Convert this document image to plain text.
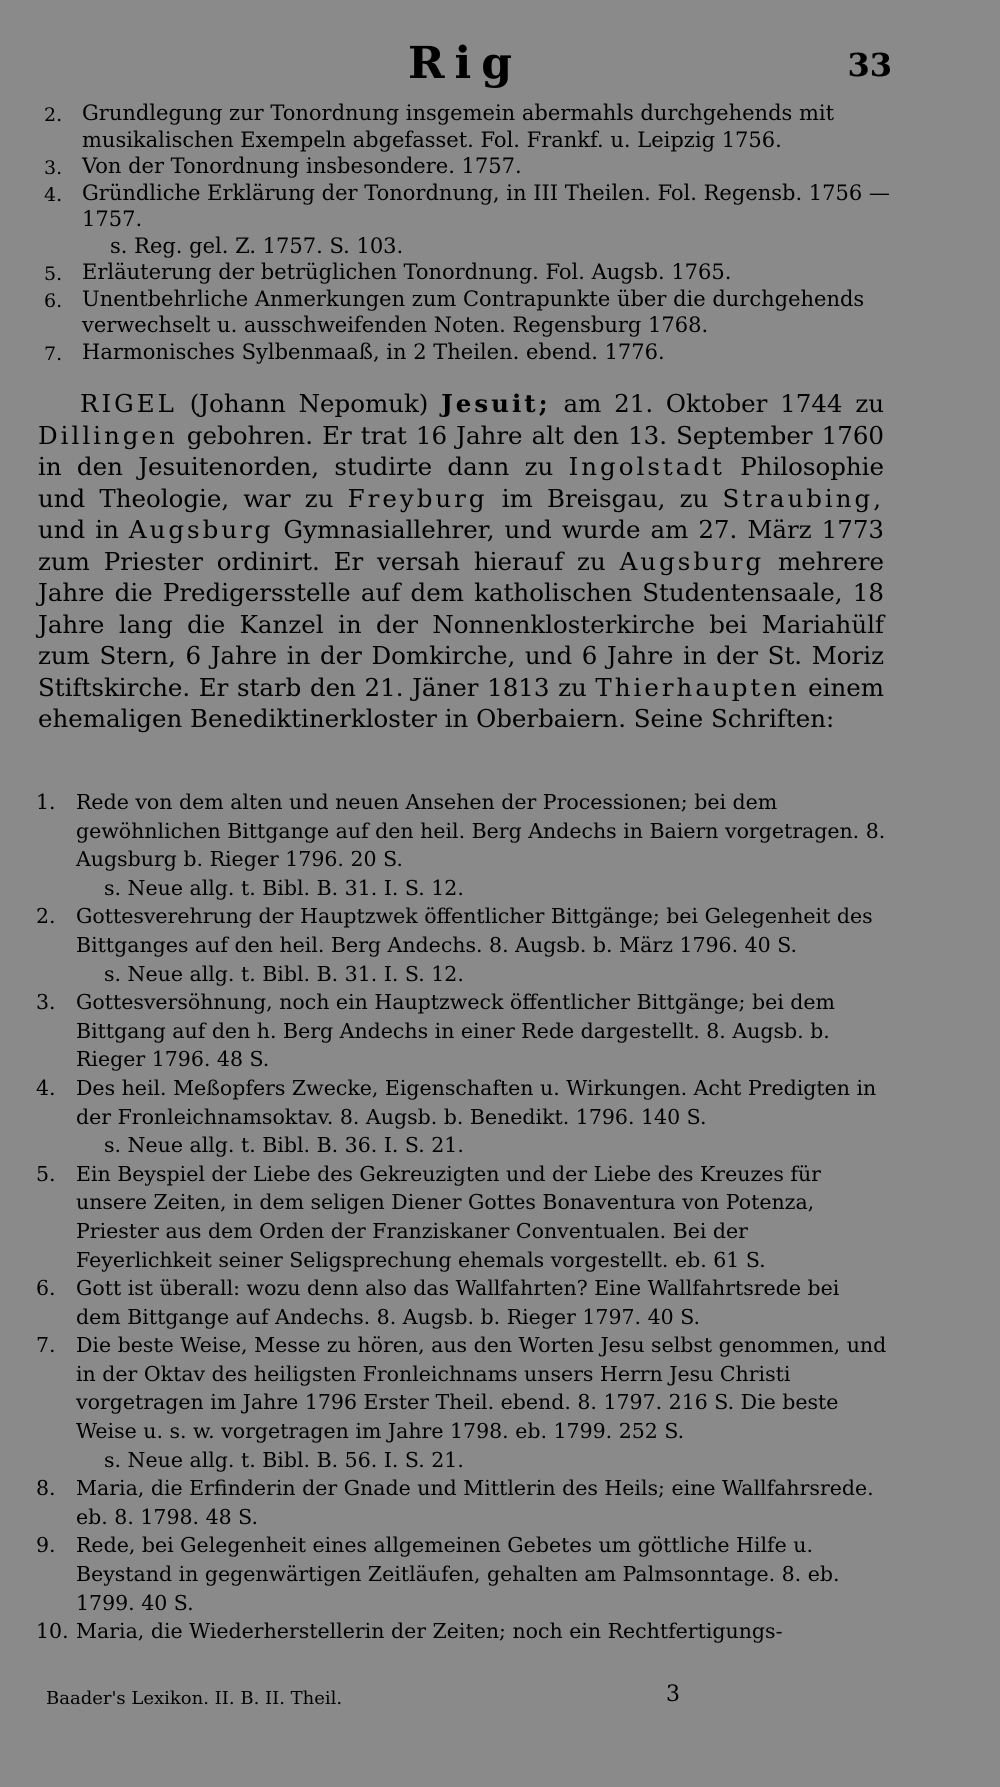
Rig	33
2. Grundlegung zur Tonordnung insgemein abermahls durchgehends mit musikalischen Exempeln abgefasset. Fol. Frankf. u. Leipzig 1756.
3. Von der Tonordnung insbesondere. 1757.
4. Gründliche Erklärung der Tonordnung, in III Theilen. Fol. Regensb. 1756 — 1757.
s. Reg. gel. Z. 1757. S. 103.
5. Erläuterung der betrüglichen Tonordnung. Fol. Augsb. 1765.
6. Unentbehrliche Anmerkungen zum Contrapunkte über die durchgehends verwechselt u. ausschweifenden Noten. Regensburg 1768.
7. Harmonisches Sylbenmaaß, in 2 Theilen. ebend. 1776.
RIGEL (Johann Nepomuk) Jesuit; am 21. Oktober 1744 zu Dillingen gebohren. Er trat 16 Jahre alt den 13. September 1760 in den Jesuitenorden, studirte dann zu Ingolstadt Philosophie und Theologie, war zu Freyburg im Breisgau, zu Straubing, und in Augsburg Gymnasiallehrer, und wurde am 27. März 1773 zum Priester ordinirt. Er versah hierauf zu Augsburg mehrere Jahre die Predigersstelle auf dem katholischen Studentensaale, 18 Jahre lang die Kanzel in der Nonnenklosterkirche bei Mariahülf zum Stern, 6 Jahre in der Domkirche, und 6 Jahre in der St. Moriz Stiftskirche. Er starb den 21. Jäner 1813 zu Thierhaupten einem ehemaligen Benediktinerkloster in Oberbaiern. Seine Schriften:
1. Rede von dem alten und neuen Ansehen der Processionen; bei dem gewöhnlichen Bittgange auf den heil. Berg Andechs in Baiern vorgetragen. 8. Augsburg b. Rieger 1796. 20 S.
s. Neue allg. t. Bibl. B. 31. I. S. 12.
2. Gottesverehrung der Hauptzwek öffentlicher Bittgänge; bei Gelegenheit des Bittganges auf den heil. Berg Andechs. 8. Augsb. b. März 1796. 40 S.
s. Neue allg. t. Bibl. B. 31. I. S. 12.
3. Gottesversöhnung, noch ein Hauptzweck öffentlicher Bittgänge; bei dem Bittgang auf den h. Berg Andechs in einer Rede dargestellt. 8. Augsb. b. Rieger 1796. 48 S.
4. Des heil. Meßopfers Zwecke, Eigenschaften u. Wirkungen. Acht Predigten in der Fronleichnamsoktav. 8. Augsb. b. Benedikt. 1796. 140 S.
s. Neue allg. t. Bibl. B. 36. I. S. 21.
5. Ein Beyspiel der Liebe des Gekreuzigten und der Liebe des Kreuzes für unsere Zeiten, in dem seligen Diener Gottes Bonaventura von Potenza, Priester aus dem Orden der Franziskaner Conventualen. Bei der Feyerlichkeit seiner Seligsprechung ehemals vorgestellt. eb. 61 S.
6. Gott ist überall: wozu denn also das Wallfahrten? Eine Wallfahrtsrede bei dem Bittgange auf Andechs. 8. Augsb. b. Rieger 1797. 40 S.
7. Die beste Weise, Messe zu hören, aus den Worten Jesu selbst genommen, und in der Oktav des heiligsten Fronleichnams unsers Herrn Jesu Christi vorgetragen im Jahre 1796 Erster Theil. ebend. 8. 1797. 216 S. Die beste Weise u. s. w. vorgetragen im Jahre 1798. eb. 1799. 252 S.
s. Neue allg. t. Bibl. B. 56. I. S. 21.
8. Maria, die Erfinderin der Gnade und Mittlerin des Heils; eine Wallfahrsrede. eb. 8. 1798. 48 S.
9. Rede, bei Gelegenheit eines allgemeinen Gebetes um göttliche Hilfe u. Beystand in gegenwärtigen Zeitläufen, gehalten am Palmsonntage. 8. eb. 1799. 40 S.
10. Maria, die Wiederherstellerin der Zeiten; noch ein Rechtfertigungs-
Baader's Lexikon. II. B. II. Theil.	3
